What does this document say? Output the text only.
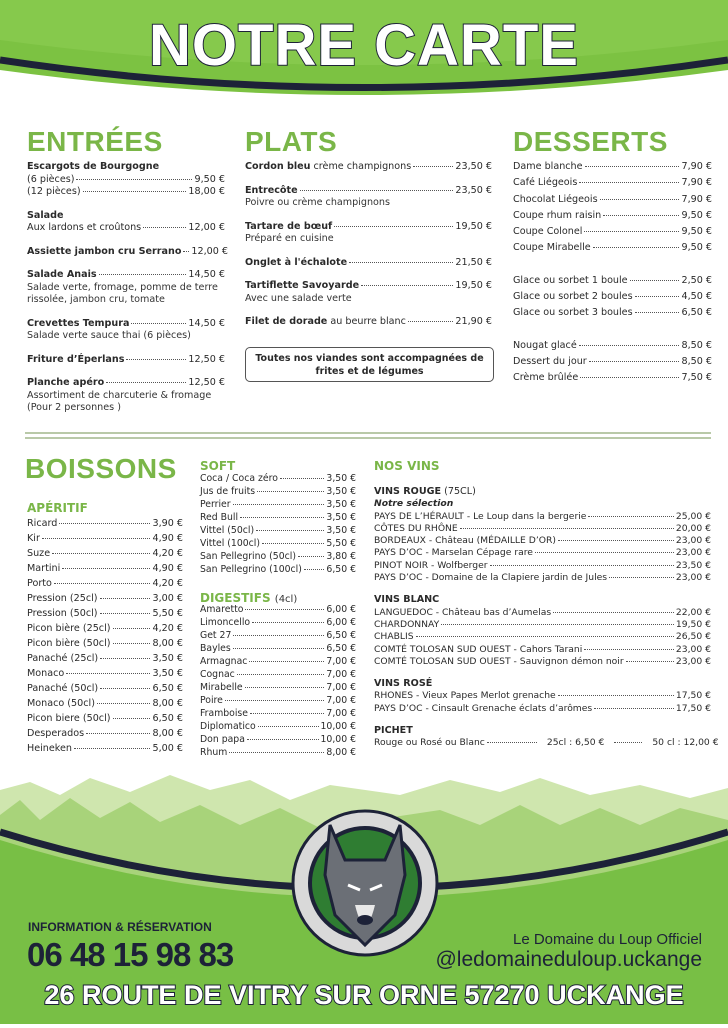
NOTRE CARTE
ENTRÉES	PLATS	DESSERTS
Escargots de Bourgogne
(6 pièces)	9,50 €
(12 pièces)	18,00 €
Salade
Aux lardons et croûtons	12,00 €
Assiette jambon cru Serrano 12,00 €
Salade Anais	14,50 €
Salade verte, fromage, pomme de terre rissolée, jambon cru, tomate
Crevettes Tempura	14,50 €
Salade verte sauce thai (6 pièces)
Friture d’Éperlans	12,50 €
Planche apéro	12,50 €
Assortiment de charcuterie & fromage (Pour 2 personnes )
Cordon bleu crème champignons	23,50 €
Entrecôte	23,50 €
Poivre ou crème champignons
Tartare de bœuf	19,50 €
Préparé en cuisine
Onglet à l'échalote	21,50 €
Tartiflette Savoyarde	19,50 €
Avec une salade verte
Filet de dorade au beurre blanc	21,90 €
Toutes nos viandes sont accompagnées de frites et de légumes
Dame blanche	7,90 €
Café Liégeois	7,90 €
Chocolat Liégeois	7,90 €
Coupe rhum raisin	9,50 €
Coupe Colonel	9,50 €
Coupe Mirabelle	9,50 €
Glace ou sorbet 1 boule	2,50 €
Glace ou sorbet 2 boules	4,50 €
Glace ou sorbet 3 boules	6,50 €
Nougat glacé	8,50 €
Dessert du jour	8,50 €
Crème brûlée	7,50 €
BOISSONS
APÉRITIF
Ricard	3,90 €
Kir	4,90 €
Suze	4,20 €
Martini	4,90 €
Porto	4,20 €
Pression (25cl)	3,00 €
Pression (50cl)	5,50 €
Picon bière (25cl)	4,20 €
Picon bière (50cl)	8,00 €
Panaché (25cl)	3,50 €
Monaco	3,50 €
Panaché (50cl)	6,50 €
Monaco (50cl)	8,00 €
Picon biere (50cl)	6,50 €
Desperados	8,00 €
Heineken	5,00 €
SOFT
Coca / Coca zéro	3,50 €
Jus de fruits	3,50 €
Perrier	3,50 €
Red Bull	3,50 €
Vittel (50cl)	3,50 €
Vittel (100cl)	5,50 €
San Pellegrino (50cl)	3,80 €
San Pellegrino (100cl)	6,50 €
DIGESTIFS (4cl)
Amaretto	6,00 €
Limoncello	6,00 €
Get 27	6,50 €
Bayles	6,50 €
Armagnac	7,00 €
Cognac	7,00 €
Mirabelle	7,00 €
Poire	7,00 €
Framboise	7,00 €
Diplomatico	10,00 €
Don papa	10,00 €
Rhum	8,00 €
NOS VINS
VINS ROUGE (75CL)
Notre sélection
PAYS DE L’HÉRAULT - Le Loup dans la bergerie	25,00 €
CÔTES DU RHÔNE	20,00 €
BORDEAUX - Château (MÉDAILLE D’OR)	23,00 €
PAYS D’OC - Marselan Cépage rare	23,00 €
PINOT NOIR - Wolfberger	23,50 €
PAYS D’OC - Domaine de la Clapiere jardin de Jules	23,00 €
VINS BLANC
LANGUEDOC - Château bas d’Aumelas	22,00 €
CHARDONNAY	19,50 €
CHABLIS	26,50 €
COMTÉ TOLOSAN SUD OUEST - Cahors Tarani	23,00 €
COMTÉ TOLOSAN SUD OUEST - Sauvignon démon noir	23,00 €
VINS ROSÉ
RHONES - Vieux Papes Merlot grenache	17,50 €
PAYS D’OC - Cinsault Grenache éclats d’arômes	17,50 €
PICHET
Rouge ou Rosé ou Blanc	25cl : 6,50 €	50 cl : 12,00 €
INFORMATION & RÉSERVATION
06 48 15 98 83	Le Domaine du Loup Officiel
@ledomaineduloup.uckange
26 ROUTE DE VITRY SUR ORNE 57270 UCKANGE
